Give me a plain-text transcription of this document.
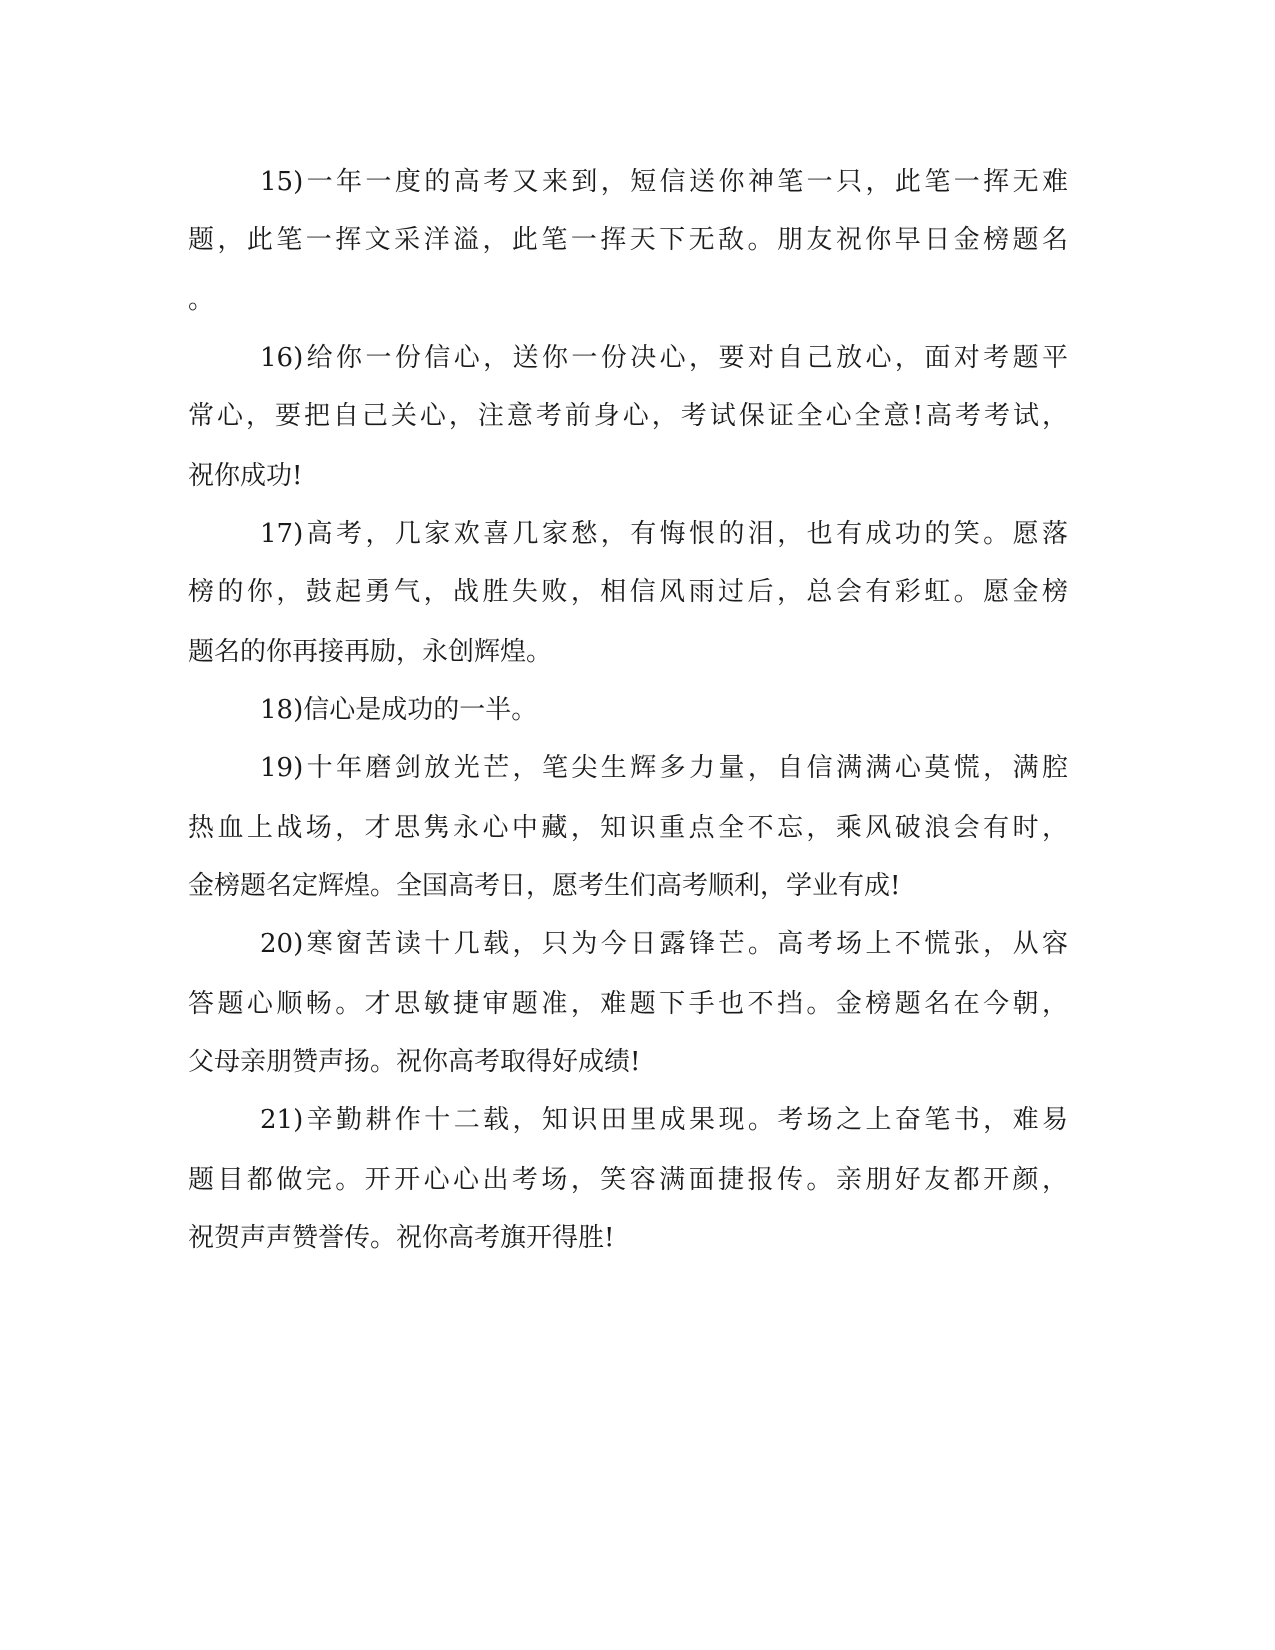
15)一年一度的高考又来到，短信送你神笔一只，此笔一挥无难
题，此笔一挥文采洋溢，此笔一挥天下无敌。朋友祝你早日金榜题名
。
16)给你一份信心，送你一份决心，要对自己放心，面对考题平
常心，要把自己关心，注意考前身心，考试保证全心全意!高考考试，
祝你成功!
17)高考，几家欢喜几家愁，有悔恨的泪，也有成功的笑。愿落
榜的你，鼓起勇气，战胜失败，相信风雨过后，总会有彩虹。愿金榜
题名的你再接再励，永创辉煌。
18)信心是成功的一半。
19)十年磨剑放光芒，笔尖生辉多力量，自信满满心莫慌，满腔
热血上战场，才思隽永心中藏，知识重点全不忘，乘风破浪会有时，
金榜题名定辉煌。全国高考日，愿考生们高考顺利，学业有成!
20)寒窗苦读十几载，只为今日露锋芒。高考场上不慌张，从容
答题心顺畅。才思敏捷审题准，难题下手也不挡。金榜题名在今朝，
父母亲朋赞声扬。祝你高考取得好成绩!
21)辛勤耕作十二载，知识田里成果现。考场之上奋笔书，难易
题目都做完。开开心心出考场，笑容满面捷报传。亲朋好友都开颜，
祝贺声声赞誉传。祝你高考旗开得胜!
